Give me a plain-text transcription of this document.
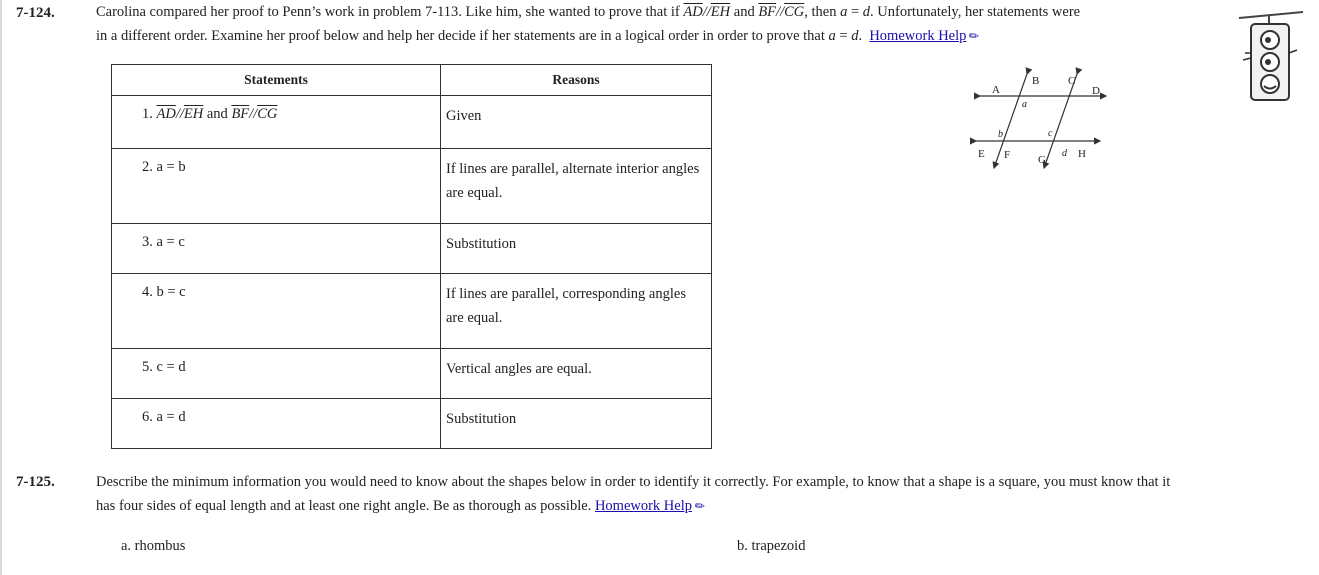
7-124.	Carolina compared her proof to Penn’s work in problem 7-113. Like him, she wanted to prove that if $\overline{AD}//\overline{EH}$ and $\overline{BF}//\overline{CG}$, then a = d. Unfortunately, her statements were
in a different order. Examine her proof below and help her decide if her statements are in a logical order in order to prove that a = d. Homework Help✎
Statements	Reasons
1. $\overline{AD}//\overline{EH}$ and $\overline{BF}//\overline{CG}$	Given
2. a = b	If lines are parallel, alternate interior angles are equal.
3. a = c	Substitution
4. b = c	If lines are parallel, corresponding angles are equal.
5. c = d	Vertical angles are equal.
6. a = d	Substitution
A
B	C
D
E F	G	H
a
b	c
d
7-125.	Describe the minimum information you would need to know about the shapes below in order to identify it correctly. For example, to know that a shape is a square, you must know that it
has four sides of equal length and at least one right angle. Be as thorough as possible. Homework Help✎
a. rhombus	b. trapezoid
